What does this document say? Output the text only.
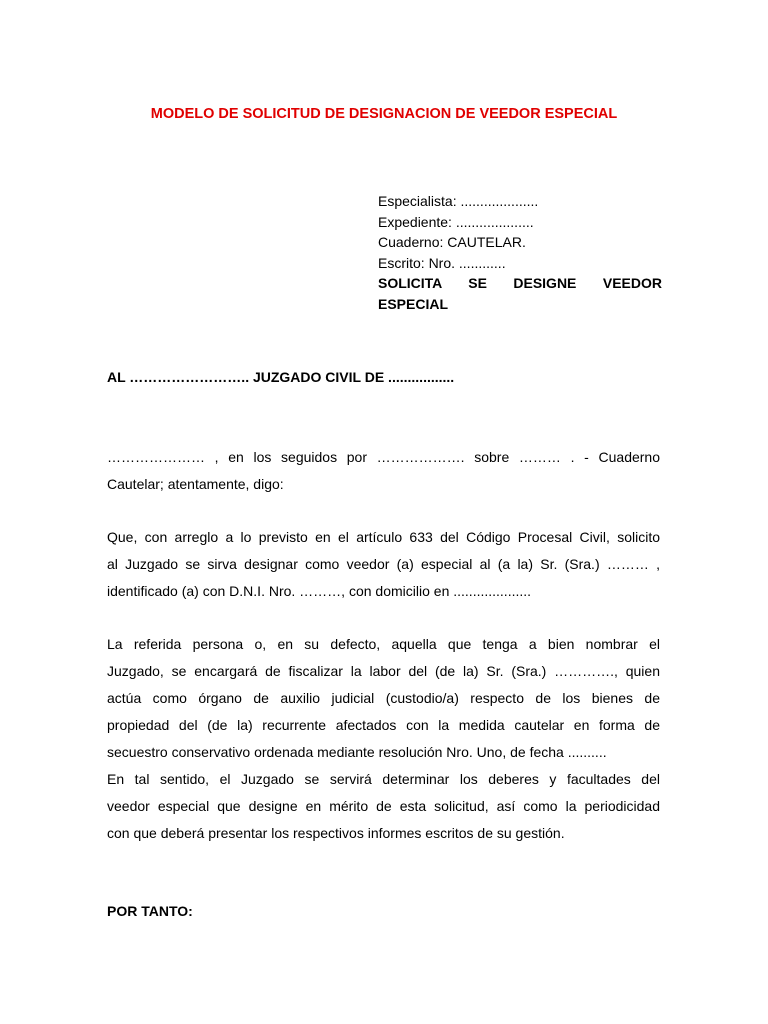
MODELO DE SOLICITUD DE DESIGNACION DE VEEDOR ESPECIAL
Especialista: ....................
Expediente: ....................
Cuaderno: CAUTELAR.
Escrito: Nro. ............
SOLICITA SE DESIGNE VEEDOR
ESPECIAL
AL …………………….. JUZGADO CIVIL DE .................
………………… , en los seguidos por ………………. sobre ……… . - Cuaderno
Cautelar; atentamente, digo:
Que, con arreglo a lo previsto en el artículo 633 del Código Procesal Civil, solicito
al Juzgado se sirva designar como veedor (a) especial al (a la) Sr. (Sra.) ……… ,
identificado (a) con D.N.I. Nro. ………, con domicilio en ....................
La referida persona o, en su defecto, aquella que tenga a bien nombrar el
Juzgado, se encargará de fiscalizar la labor del (de la) Sr. (Sra.) …………., quien
actúa como órgano de auxilio judicial (custodio/a) respecto de los bienes de
propiedad del (de la) recurrente afectados con la medida cautelar en forma de
secuestro conservativo ordenada mediante resolución Nro. Uno, de fecha ..........
En tal sentido, el Juzgado se servirá determinar los deberes y facultades del
veedor especial que designe en mérito de esta solicitud, así como la periodicidad
con que deberá presentar los respectivos informes escritos de su gestión.
POR TANTO:
